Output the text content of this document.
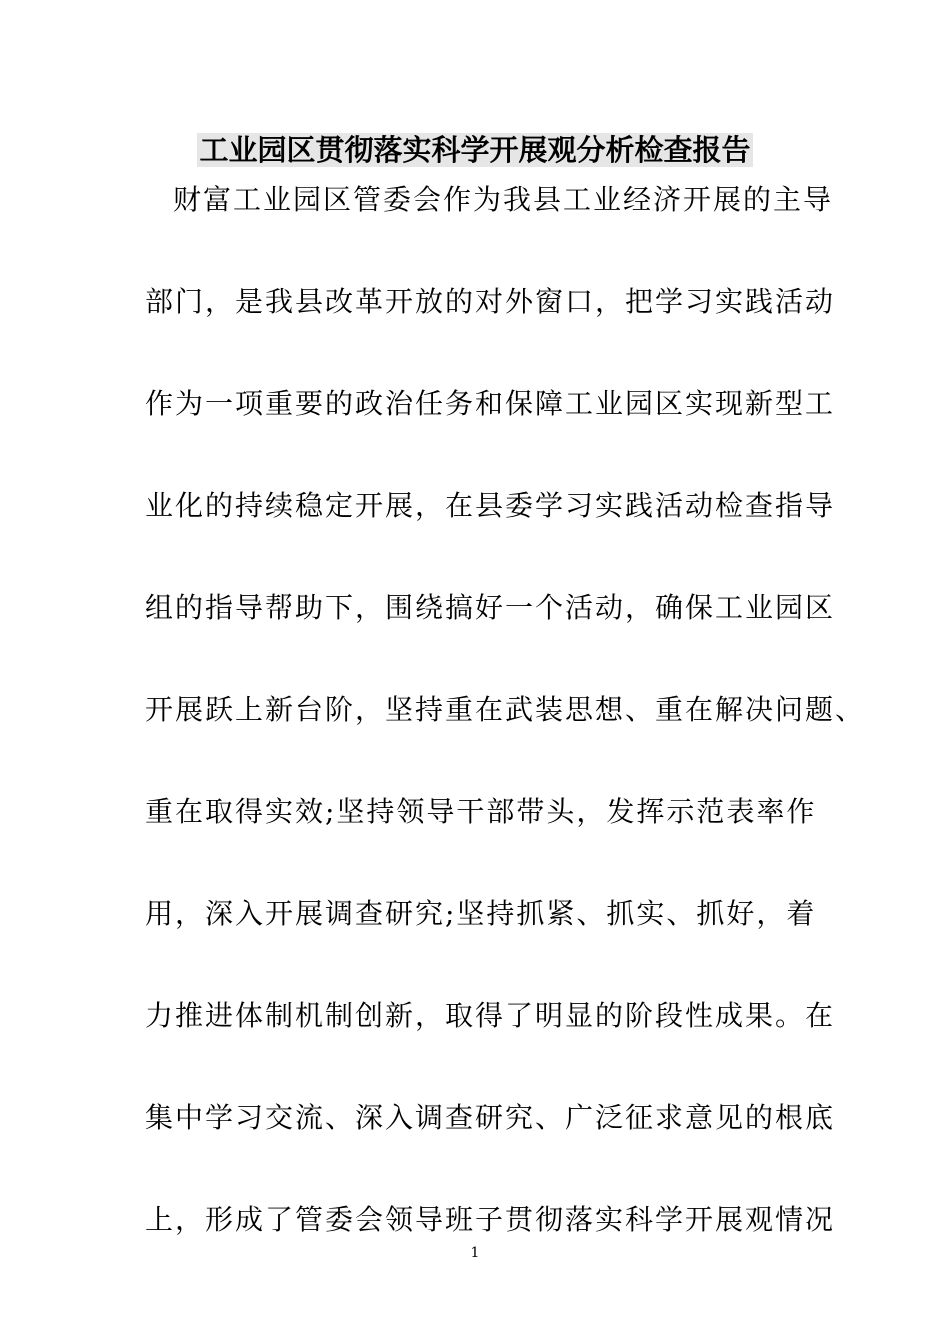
工业园区贯彻落实科学开展观分析检查报告
财富工业园区管委会作为我县工业经济开展的主导
部门，是我县改革开放的对外窗口，把学习实践活动
作为一项重要的政治任务和保障工业园区实现新型工
业化的持续稳定开展，在县委学习实践活动检查指导
组的指导帮助下，围绕搞好一个活动，确保工业园区
开展跃上新台阶，坚持重在武装思想、重在解决问题、
重在取得实效;坚持领导干部带头，发挥示范表率作
用，深入开展调查研究;坚持抓紧、抓实、抓好，着
力推进体制机制创新，取得了明显的阶段性成果。在
集中学习交流、深入调查研究、广泛征求意见的根底
上，形成了管委会领导班子贯彻落实科学开展观情况
1
